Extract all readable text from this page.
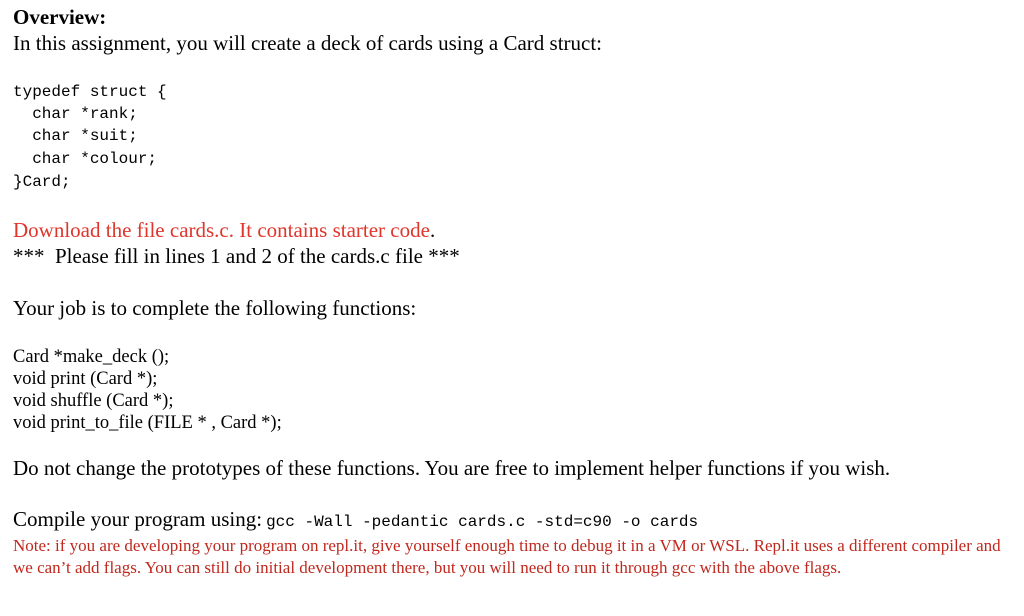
Overview:
In this assignment, you will create a deck of cards using a Card struct:
typedef struct {
char *rank;
char *suit;
char *colour;
}Card;
Download the file cards.c. It contains starter code.
***  Please fill in lines 1 and 2 of the cards.c file ***
Your job is to complete the following functions:
Card *make_deck ();
void print (Card *);
void shuffle (Card *);
void print_to_file (FILE * , Card *);
Do not change the prototypes of these functions. You are free to implement helper functions if you wish.
Compile your program using: gcc -Wall -pedantic cards.c -std=c90 -o cards
Note: if you are developing your program on repl.it, give yourself enough time to debug it in a VM or WSL. Repl.it uses a different compiler and we can’t add flags. You can still do initial development there, but you will need to run it through gcc with the above flags.
